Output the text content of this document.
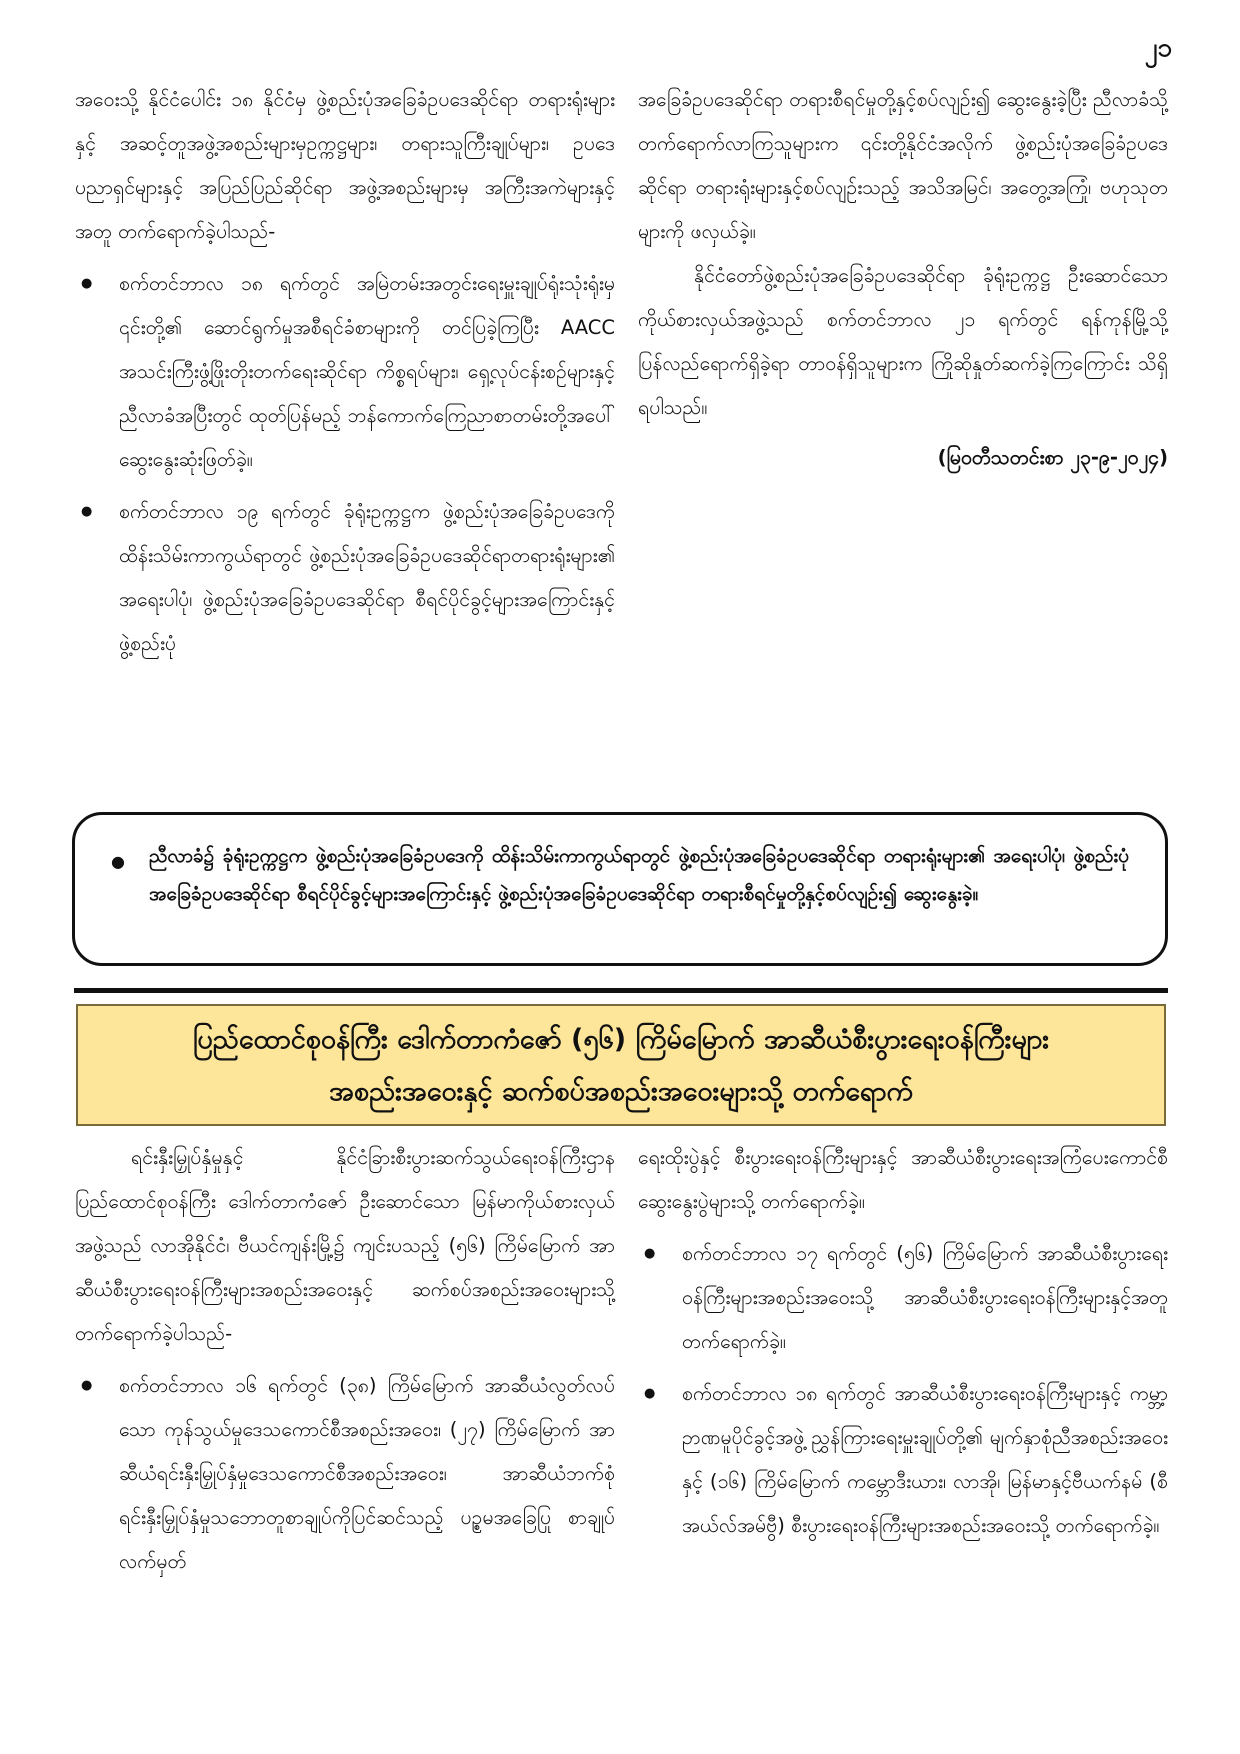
၂၁

အဝေးသို့ နိုင်ငံပေါင်း ၁၈ နိုင်ငံမှ ဖွဲ့စည်းပုံအခြေခံဥပဒေဆိုင်ရာ တရားရုံးများနှင့် အဆင့်တူအဖွဲ့အစည်းများမှဥက္ကဋ္ဌများ၊ တရားသူကြီးချုပ်များ၊ ဥပဒေပညာရှင်များနှင့် အပြည်ပြည်ဆိုင်ရာ အဖွဲ့အစည်းများမှ အကြီးအကဲများနှင့်အတူ တက်ရောက်ခဲ့ပါသည်-

● စက်တင်ဘာလ ၁၈ ရက်တွင် အမြဲတမ်းအတွင်းရေးမှူးချုပ်ရုံးသုံးရုံးမှ ၎င်းတို့၏ ဆောင်ရွက်မှုအစီရင်ခံစာများကို တင်ပြခဲ့ကြပြီး AACC အသင်းကြီးဖွံ့ဖြိုးတိုးတက်ရေးဆိုင်ရာ ကိစ္စရပ်များ၊ ရှေ့လုပ်ငန်းစဉ်များနှင့် ညီလာခံအပြီးတွင် ထုတ်ပြန်မည့် ဘန်ကောက်ကြေညာစာတမ်းတို့အပေါ် ဆွေးနွေးဆုံးဖြတ်ခဲ့။
● စက်တင်ဘာလ ၁၉ ရက်တွင် ခုံရုံးဥက္ကဋ္ဌက ဖွဲ့စည်းပုံအခြေခံဥပဒေကို ထိန်းသိမ်းကာကွယ်ရာတွင် ဖွဲ့စည်းပုံအခြေခံဥပဒေဆိုင်ရာတရားရုံးများ၏ အရေးပါပုံ၊ ဖွဲ့စည်းပုံအခြေခံဥပဒေဆိုင်ရာ စီရင်ပိုင်ခွင့်များအကြောင်းနှင့် ဖွဲ့စည်းပုံ

အခြေခံဥပဒေဆိုင်ရာ တရားစီရင်မှုတို့နှင့်စပ်လျဉ်း၍ ဆွေးနွေးခဲ့ပြီး ညီလာခံသို့ တက်ရောက်လာကြသူများက ၎င်းတို့နိုင်ငံအလိုက် ဖွဲ့စည်းပုံအခြေခံဥပဒေဆိုင်ရာ တရားရုံးများနှင့်စပ်လျဉ်းသည့် အသိအမြင်၊ အတွေ့အကြုံ၊ ဗဟုသုတများကို ဖလှယ်ခဲ့။

နိုင်ငံတော်ဖွဲ့စည်းပုံအခြေခံဥပဒေဆိုင်ရာ ခုံရုံးဥက္ကဋ္ဌ ဦးဆောင်သော ကိုယ်စားလှယ်အဖွဲ့သည် စက်တင်ဘာလ ၂၁ ရက်တွင် ရန်ကုန်မြို့သို့ ပြန်လည်ရောက်ရှိခဲ့ရာ တာဝန်ရှိသူများက ကြိုဆိုနှုတ်ဆက်ခဲ့ကြကြောင်း သိရှိရပါသည်။

(မြဝတီသတင်းစာ ၂၃-၉-၂၀၂၄)

● ညီလာခံ၌ ခုံရုံးဥက္ကဋ္ဌက ဖွဲ့စည်းပုံအခြေခံဥပဒေကို ထိန်းသိမ်းကာကွယ်ရာတွင် ဖွဲ့စည်းပုံအခြေခံဥပဒေဆိုင်ရာ တရားရုံးများ၏ အရေးပါပုံ၊ ဖွဲ့စည်းပုံအခြေခံဥပဒေဆိုင်ရာ စီရင်ပိုင်ခွင့်များအကြောင်းနှင့် ဖွဲ့စည်းပုံအခြေခံဥပဒေဆိုင်ရာ တရားစီရင်မှုတို့နှင့်စပ်လျဉ်း၍ ဆွေးနွေးခဲ့။

ပြည်ထောင်စုဝန်ကြီး ဒေါက်တာကံဇော် (၅၆) ကြိမ်မြောက် အာဆီယံစီးပွားရေးဝန်ကြီးများ
အစည်းအဝေးနှင့် ဆက်စပ်အစည်းအဝေးများသို့ တက်ရောက်

ရင်းနှီးမြှုပ်နှံမှုနှင့် နိုင်ငံခြားစီးပွားဆက်သွယ်ရေးဝန်ကြီးဌာန ပြည်ထောင်စုဝန်ကြီး ဒေါက်တာကံဇော် ဦးဆောင်သော မြန်မာကိုယ်စားလှယ်အဖွဲ့သည် လာအိုနိုင်ငံ၊ ဗီယင်ကျန်းမြို့၌ ကျင်းပသည့် (၅၆) ကြိမ်မြောက် အာဆီယံစီးပွားရေးဝန်ကြီးများအစည်းအဝေးနှင့် ဆက်စပ်အစည်းအဝေးများသို့ တက်ရောက်ခဲ့ပါသည်-

● စက်တင်ဘာလ ၁၆ ရက်တွင် (၃၈) ကြိမ်မြောက် အာဆီယံလွတ်လပ်သော ကုန်သွယ်မှုဒေသကောင်စီအစည်းအဝေး၊ (၂၇) ကြိမ်မြောက် အာဆီယံရင်းနှီးမြှုပ်နှံမှုဒေသကောင်စီအစည်းအဝေး၊ အာဆီယံဘက်စုံရင်းနှီးမြှုပ်နှံမှုသဘောတူစာချုပ်ကိုပြင်ဆင်သည့် ပဉ္စမအခြေပြု စာချုပ်လက်မှတ်

ရေးထိုးပွဲနှင့် စီးပွားရေးဝန်ကြီးများနှင့် အာဆီယံစီးပွားရေးအကြံပေးကောင်စီဆွေးနွေးပွဲများသို့ တက်ရောက်ခဲ့။

● စက်တင်ဘာလ ၁၇ ရက်တွင် (၅၆) ကြိမ်မြောက် အာဆီယံစီးပွားရေးဝန်ကြီးများအစည်းအဝေးသို့ အာဆီယံစီးပွားရေးဝန်ကြီးများနှင့်အတူ တက်ရောက်ခဲ့။
● စက်တင်ဘာလ ၁၈ ရက်တွင် အာဆီယံစီးပွားရေးဝန်ကြီးများနှင့် ကမ္ဘာ့ဉာဏမူပိုင်ခွင့်အဖွဲ့ ညွှန်ကြားရေးမှူးချုပ်တို့၏ မျက်နှာစုံညီအစည်းအဝေးနှင့် (၁၆) ကြိမ်မြောက် ကမ္ဘောဒီးယား၊ လာအို၊ မြန်မာနှင့်ဗီယက်နမ် (စီအယ်လ်အမ်ဗွီ) စီးပွားရေးဝန်ကြီးများအစည်းအဝေးသို့ တက်ရောက်ခဲ့။
